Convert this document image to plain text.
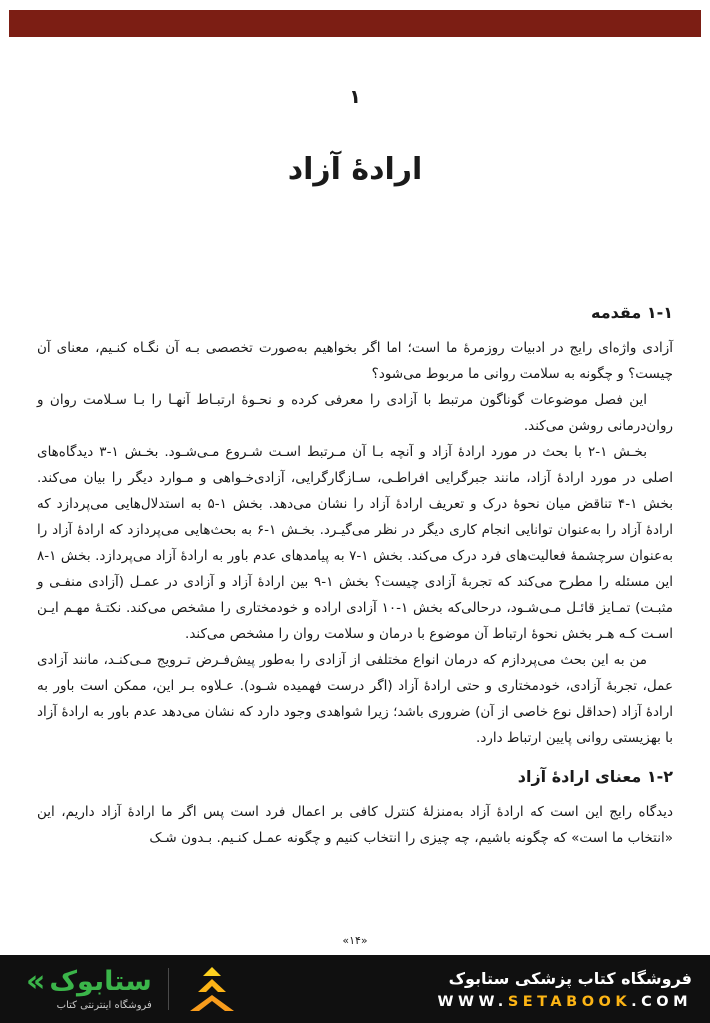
۱
ارادۀ آزاد
۱-۱ مقدمه

آزادی واژه‌ای رایج در ادبیات روزمرۀ ما است؛ اما اگر بخواهیم به‌صورت تخصصی بـه آن نگـاه کنـیم، معنای آن چیست؟ و چگونه به سلامت روانی ما مربوط می‌شود؟

این فصل موضوعات گوناگون مرتبط با آزادی را معرفی کرده و نحـوۀ ارتبـاط آنهـا را بـا سـلامت روان و روان‌درمانی روشن می‌کند.

بخـش ۱-۲ با بحث در مورد ارادۀ آزاد و آنچه بـا آن مـرتبط اسـت شـروع مـی‌شـود. بخـش ۱-۳ دیدگاه‌های اصلی در مورد ارادۀ آزاد، مانند جبرگرایی افراطـی، سـازگارگرایی، آزادی‌خـواهی و مـوارد دیگر را بیان می‌کند. بخش ۱-۴ تناقض میان نحوۀ درک و تعریف ارادۀ آزاد را نشان می‌دهد. بخش ۱-۵ به استدلال‌هایی می‌پردازد که ارادۀ آزاد را به‌عنوان توانایی انجام کاری دیگر در نظر می‌گیـرد. بخـش ۱-۶ به بحث‌هایی می‌پردازد که ارادۀ آزاد را به‌عنوان سرچشمۀ فعالیت‌های فرد درک می‌کند. بخش ۱-۷ به پیامدهای عدم باور به ارادۀ آزاد می‌پردازد. بخش ۱-۸ این مسئله را مطرح می‌کند که تجربۀ آزادی چیست؟ بخش ۱-۹ بین ارادۀ آزاد و آزادی در عمـل (آزادی منفـی و مثبـت) تمـایز قائـل مـی‌شـود، درحالی‌که بخش ۱-۱۰ آزادی اراده و خودمختاری را مشخص می‌کند. نکتـۀ مهـم ایـن اسـت کـه هـر بخش نحوۀ ارتباط آن موضوع با درمان و سلامت روان را مشخص می‌کند.

من به این بحث می‌پردازم که درمان انواع مختلفی از آزادی را به‌طور پیش‌فـرض تـرویج مـی‌کنـد، مانند آزادی عمل، تجربۀ آزادی، خودمختاری و حتی ارادۀ آزاد (اگر درست فهمیده شـود). عـلاوه بـر این، ممکن است باور به ارادۀ آزاد (حداقل نوع خاصی از آن) ضروری باشد؛ زیرا شواهدی وجود دارد که نشان می‌دهد عدم باور به ارادۀ آزاد با بهزیستی روانی پایین ارتباط دارد.

۱-۲ معنای ارادۀ آزاد

دیدگاه رایج این است که ارادۀ آزاد به‌منزلۀ کنترل کافی بر اعمال فرد است پس اگر ما ارادۀ آزاد داریم، این «انتخاب ما است» که چگونه باشیم، چه چیزی را انتخاب کنیم و چگونه عمـل کنـیم. بـدون شـک

«۱۴»
« ستابوک
فروشگاه اینترنتی کتاب
فروشگاه کتاب پزشکی ستابوک
WWW.SETABOOK.COM
